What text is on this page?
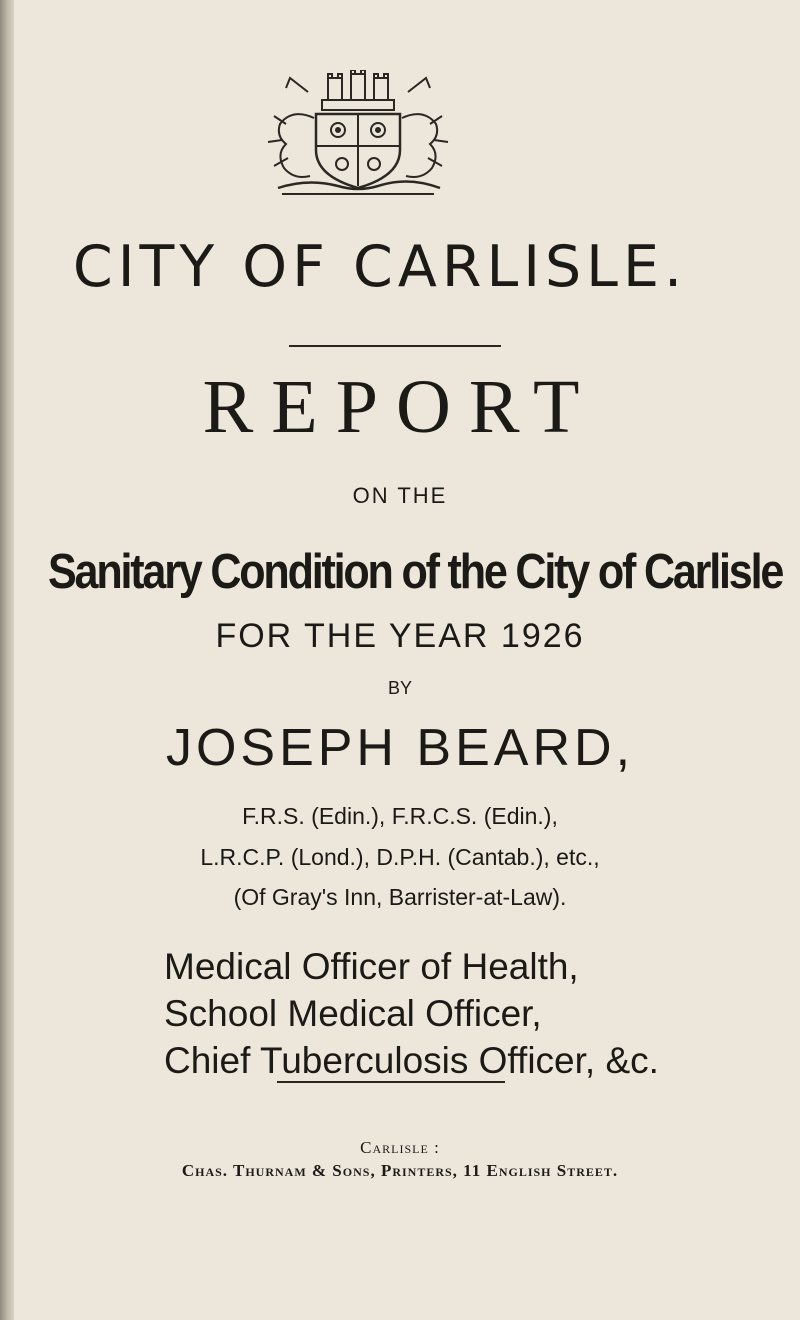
CITY OF CARLISLE.
REPORT
ON THE
Sanitary Condition of the City of Carlisle
FOR THE YEAR 1926
BY
JOSEPH BEARD,
F.R.S. (Edin.), F.R.C.S. (Edin.),
L.R.C.P. (Lond.), D.P.H. (Cantab.), etc.,
(Of Gray's Inn, Barrister-at-Law).
Medical Officer of Health,
School Medical Officer,
Chief Tuberculosis Officer, &c.
Carlisle :
Chas. Thurnam & Sons, Printers, 11 English Street.
